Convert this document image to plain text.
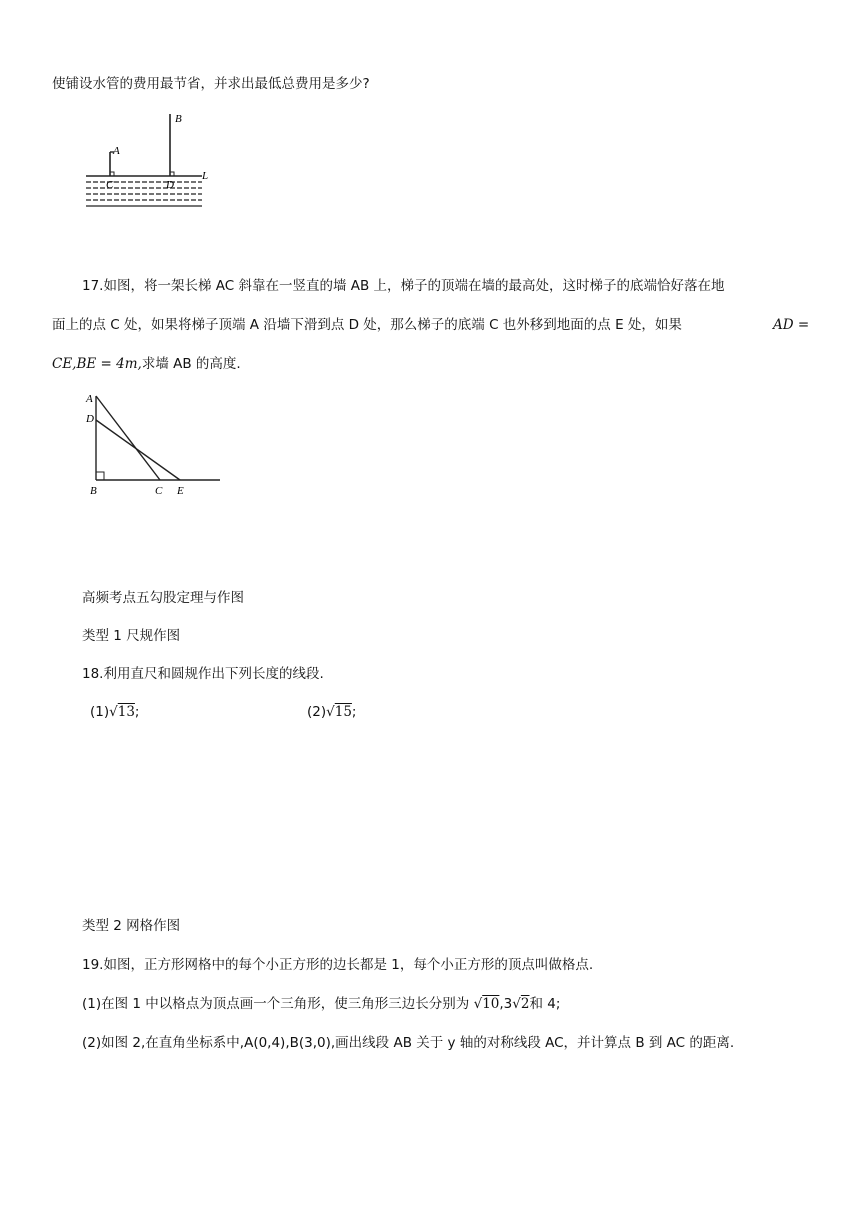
使铺设水管的费用最节省，并求出最低总费用是多少?
A
B
C	D
L
17.如图，将一架长梯 AC 斜靠在一竖直的墙 AB 上，梯子的顶端在墙的最高处，这时梯子的底端恰好落在地
面上的点 C 处，如果将梯子顶端 A 沿墙下滑到点 D 处，那么梯子的底端 C 也外移到地面的点 E 处，如果	AD =
CE,BE = 4m,求墙 AB 的高度.
A
D
B	C E
高频考点五勾股定理与作图
类型 1 尺规作图
18.利用直尺和圆规作出下列长度的线段.
(1)√13;	(2)√15;
类型 2 网格作图
19.如图，正方形网格中的每个小正方形的边长都是 1，每个小正方形的顶点叫做格点.
(1)在图 1 中以格点为顶点画一个三角形，使三角形三边长分别为 √10,3√2和 4;
(2)如图 2,在直角坐标系中,A(0,4),B(3,0),画出线段 AB 关于 y 轴的对称线段 AC，并计算点 B 到 AC 的距离.
